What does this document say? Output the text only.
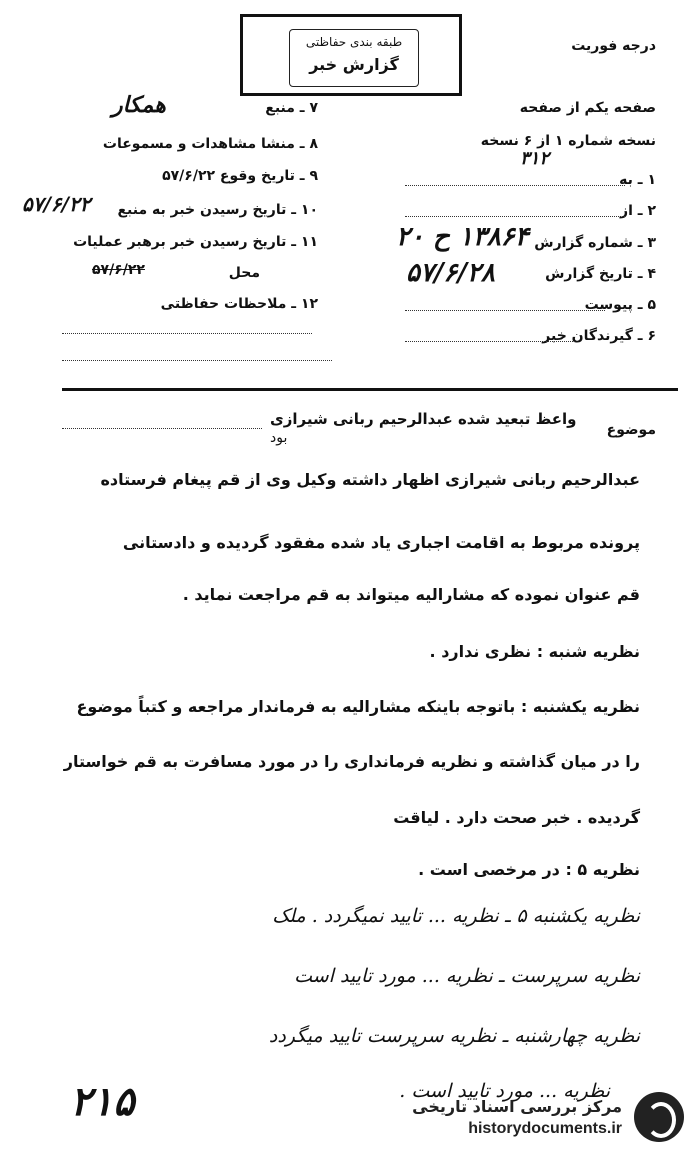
طبقه بندی حفاظتی
گزارش خبر
درجه فوریت
صفحه یکم از صفحه
نسخه شماره ۱ از ۶ نسخه
۳۱۲
۱ ـ به
۲ ـ از
۳ ـ شماره گزارش
۱۳۸۶۴ ح ۲۰
۴ ـ تاریخ گزارش
۵۷/۶/۲۸
۵ ـ پیوست
۶ ـ گیرندگان خبر
۷ ـ منبع
همکار
۸ ـ منشا مشاهدات و مسموعات
۹ ـ تاریخ وقوع ۵۷/۶/۲۲
۱۰ ـ تاریخ رسیدن خبر به منبع
۵۷/۶/۲۲
۱۱ ـ تاریخ رسیدن خبر برهبر عملیات
محل
۵۷/۶/۲۲
۱۲ ـ ملاحظات حفاظتی
موضوع
واعظ تبعید شده عبدالرحیم ربانی شیرازی
بود
عبدالرحیم ربانی شیرازی اظهار داشته وکیل وی از قم پیغام فرستاده
پرونده مربوط به اقامت اجباری یاد شده مفقود گردیده و دادستانی
قم عنوان نموده که مشارالیه میتواند به قم مراجعت نماید .
نظریه شنبه : نظری ندارد .
نظریه یکشنبه : باتوجه باینکه مشارالیه به فرماندار مراجعه و کتباً موضوع
را در میان گذاشته و نظریه فرمانداری را در مورد مسافرت به قم خواستار
گردیده . خبر صحت دارد . لیاقت
نظریه ۵ : در مرخصی است .
نظریه یکشنبه ۵ ـ نظریه ... تایید نمیگردد . ملک
نظریه سرپرست ـ نظریه ... مورد تایید است
نظریه چهارشنبه ـ نظریه سرپرست تایید میگردد
نظریه ... مورد تایید است .
۲۱۵	مرکز بررسی اسناد تاریخی
historydocuments.ir
